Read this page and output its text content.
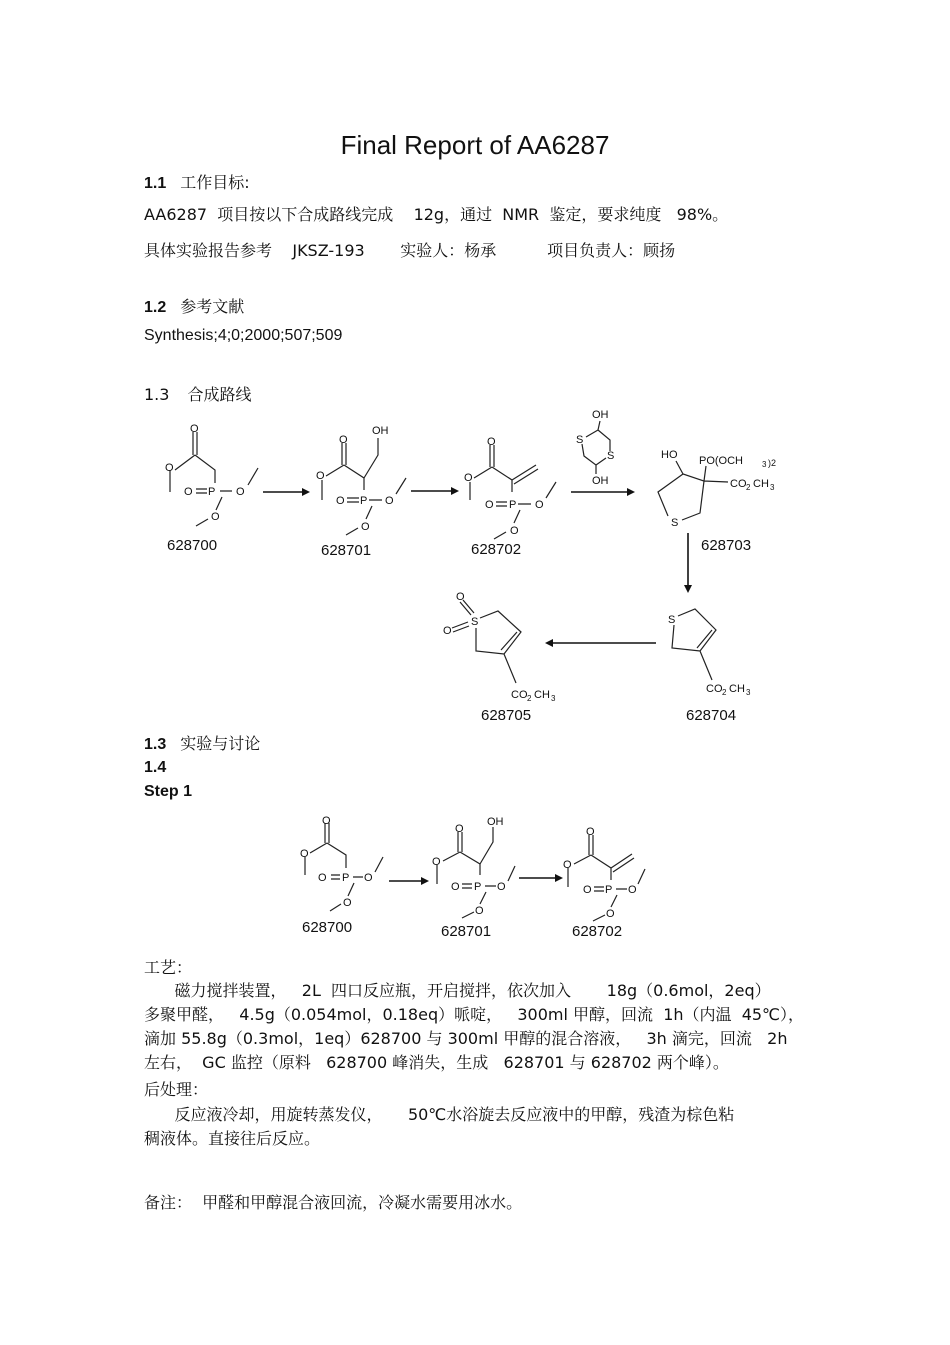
Final Report of AA6287
1.1 工作目标:
AA6287  项目按以下合成路线完成    12g，通过  NMR  鉴定，要求纯度   98%。
具体实验报告参考    JKSZ-193       实验人：杨承          项目负责人：顾扬
1.2 参考文献
Synthesis;4;0;2000;507;509
1.3 合成路线
O
O
O P O
O
628700
O
O
OH
O P O
O
628701
O
O
O P O
O
628702
OH
S
S
OH
HO PO(OCH 3 )2
CO 2 CH 3
S
628703
S
CO 2 CH 3
628704
O
O
S
CO 2 CH 3
628705
O
O
O P O
O
628700
O
O
OH
O P O
O
628701
O
O
O P O
O
628702
1.3 实验与讨论
1.4
Step 1
工艺：
磁力搅拌装置，   2L  四口反应瓶，开启搅拌，依次加入       18g（0.6mol，2eq）
多聚甲醛，   4.5g（0.054mol，0.18eq）哌啶，   300ml 甲醇，回流  1h（内温  45℃），
滴加 55.8g（0.3mol，1eq）628700 与 300ml 甲醇的混合溶液，   3h 滴完，回流   2h
左右，  GC 监控（原料   628700 峰消失，生成   628701 与 628702 两个峰）。
后处理：
反应液冷却，用旋转蒸发仪，     50℃水浴旋去反应液中的甲醇，残渣为棕色粘
稠液体。直接往后反应。
备注：  甲醛和甲醇混合液回流，冷凝水需要用冰水。
